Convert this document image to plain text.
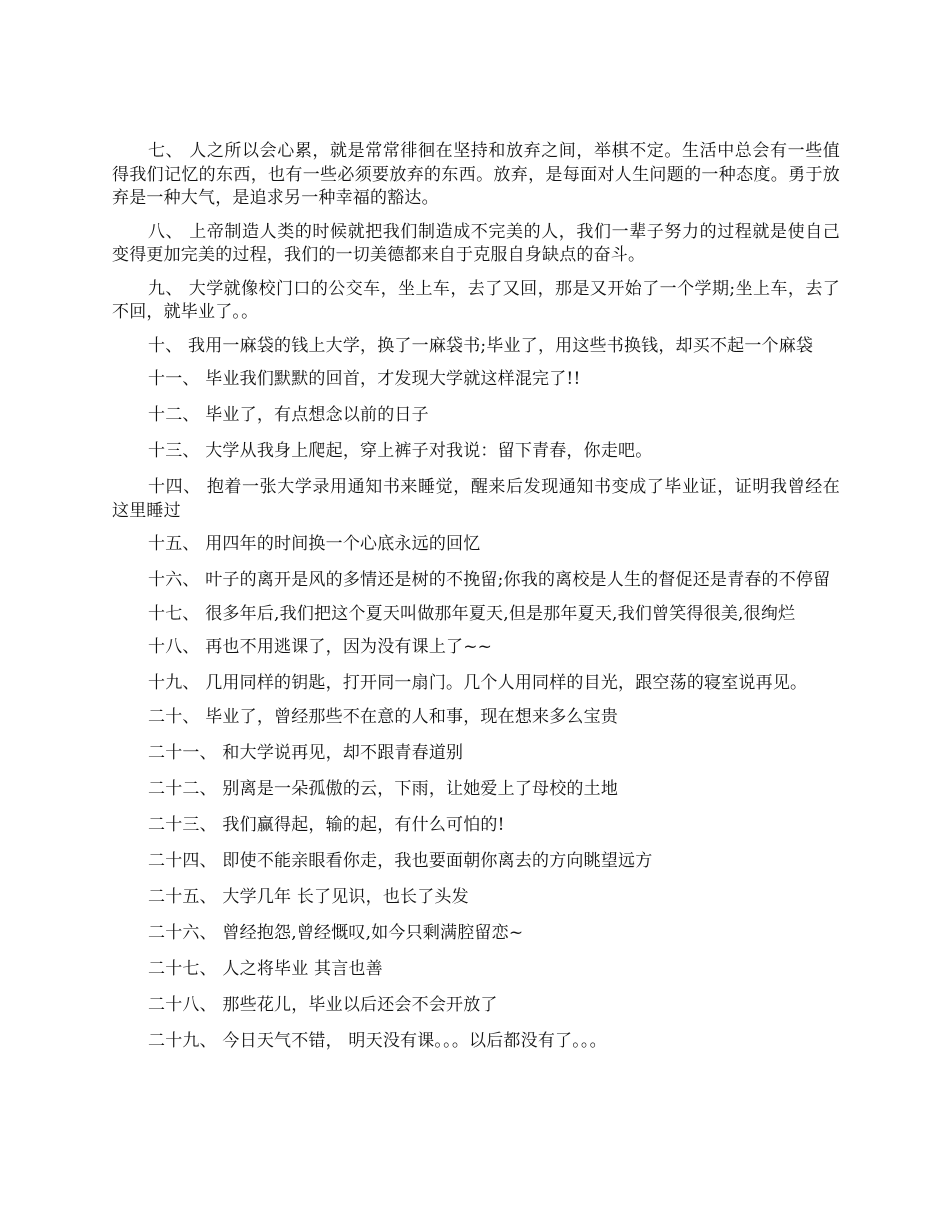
七、 人之所以会心累，就是常常徘徊在坚持和放弃之间，举棋不定。生活中总会有一些值得我们记忆的东西，也有一些必须要放弃的东西。放弃，是每面对人生问题的一种态度。勇于放弃是一种大气，是追求另一种幸福的豁达。

八、 上帝制造人类的时候就把我们制造成不完美的人，我们一辈子努力的过程就是使自己变得更加完美的过程，我们的一切美德都来自于克服自身缺点的奋斗。

九、 大学就像校门口的公交车，坐上车，去了又回，那是又开始了一个学期;坐上车，去了不回，就毕业了。。

十、 我用一麻袋的钱上大学，换了一麻袋书;毕业了，用这些书换钱，却买不起一个麻袋

十一、 毕业我们默默的回首，才发现大学就这样混完了!!

十二、 毕业了，有点想念以前的日子

十三、 大学从我身上爬起，穿上裤子对我说：留下青春，你走吧。

十四、 抱着一张大学录用通知书来睡觉，醒来后发现通知书变成了毕业证，证明我曾经在这里睡过

十五、 用四年的时间换一个心底永远的回忆

十六、 叶子的离开是风的多情还是树的不挽留;你我的离校是人生的督促还是青春的不停留

十七、 很多年后,我们把这个夏天叫做那年夏天,但是那年夏天,我们曾笑得很美,很绚烂

十八、 再也不用逃课了，因为没有课上了~~

十九、 几用同样的钥匙，打开同一扇门。几个人用同样的目光，跟空荡的寝室说再见。

二十、 毕业了，曾经那些不在意的人和事，现在想来多么宝贵

二十一、 和大学说再见，却不跟青春道别

二十二、 别离是一朵孤傲的云，下雨，让她爱上了母校的土地

二十三、 我们赢得起，输的起，有什么可怕的!

二十四、 即使不能亲眼看你走，我也要面朝你离去的方向眺望远方

二十五、 大学几年 长了见识，也长了头发

二十六、 曾经抱怨,曾经慨叹,如今只剩满腔留恋~

二十七、 人之将毕业 其言也善

二十八、 那些花儿，毕业以后还会不会开放了

二十九、 今日天气不错， 明天没有课。。。以后都没有了。。。
